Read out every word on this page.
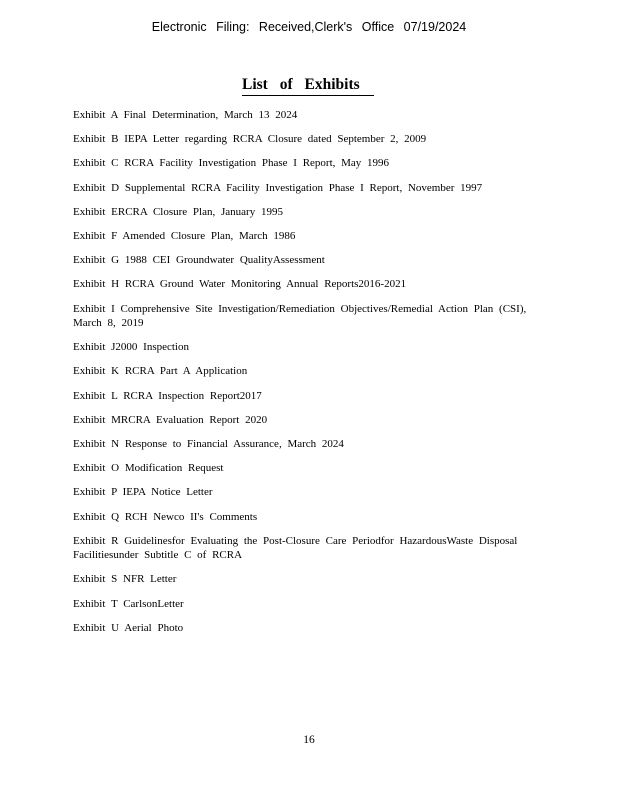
Electronic Filing: Received,Clerk's Office 07/19/2024
List of Exhibits
Exhibit A Final Determination, March 13 2024
Exhibit B IEPA Letter regarding RCRA Closure dated September 2, 2009
Exhibit C RCRA Facility Investigation Phase I Report, May 1996
Exhibit D Supplemental RCRA Facility Investigation Phase I Report, November 1997
Exhibit ERCRA Closure Plan, January 1995
Exhibit F Amended Closure Plan, March 1986
Exhibit G 1988 CEI Groundwater QualityAssessment
Exhibit H RCRA Ground Water Monitoring Annual Reports2016-2021
Exhibit I Comprehensive Site Investigation/Remediation Objectives/Remedial Action Plan (CSI), March 8, 2019
Exhibit J2000 Inspection
Exhibit K RCRA Part A Application
Exhibit L RCRA Inspection Report2017
Exhibit MRCRA Evaluation Report 2020
Exhibit N Response to Financial Assurance, March 2024
Exhibit O Modification Request
Exhibit P IEPA Notice Letter
Exhibit Q RCH Newco II's Comments
Exhibit R Guidelinesfor Evaluating the Post-Closure Care Periodfor HazardousWaste Disposal Facilitiesunder Subtitle C of RCRA
Exhibit S NFR Letter
Exhibit T CarlsonLetter
Exhibit U Aerial Photo
16
